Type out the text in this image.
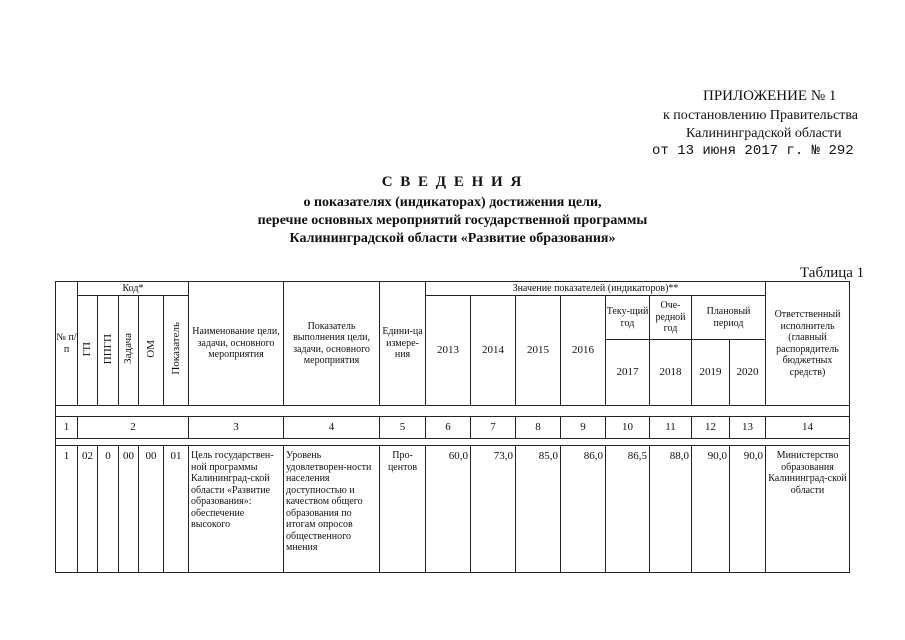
ПРИЛОЖЕНИЕ № 1
к постановлению Правительства
Калининградской области
от 13 июня 2017 г. № 292
С В Е Д Е Н И Я
о показателях (индикаторах) достижения цели,
перечне основных мероприятий государственной программы
Калининградской области «Развитие образования»
Таблица 1
№ п/п	Код*					Наименование цели, задачи, основного мероприятия	Показатель выполнения цели, задачи, основного мероприятия	Едини-ца измере-ния	Значение показателей (индикаторов)**								Ответственный исполнитель (главный распорядитель бюджетных средств)
	ГП	ППГП	Задача	ОМ	Показатель				2013	2014	2015	2016	Теку-щий год	Оче-редной год	Плановый период		
													2017	2018	2019	2020	

1	2					3	4	5	6	7	8	9	10	11	12	13	14

1	02	0	00	00	01	Цель государствен-ной программы Калининград-ской области «Развитие образования»: обеспечение высокого	Уровень удовлетворен-ности населения доступностью и качеством общего образования по итогам опросов общественного мнения	Про-центов	60,0	73,0	85,0	86,0	86,5	88,0	90,0	90,0	Министерство образования Калининград-ской области
